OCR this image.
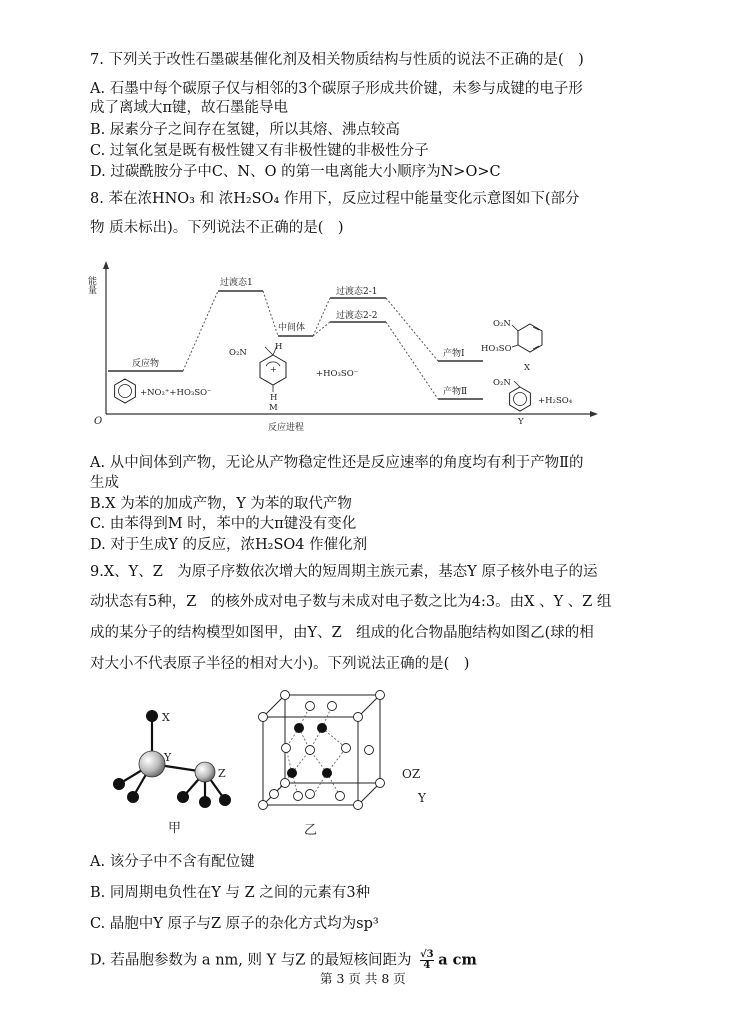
7. 下列关于改性石墨碳基催化剂及相关物质结构与性质的说法不正确的是(　)
A. 石墨中每个碳原子仅与相邻的3个碳原子形成共价键，未参与成键的电子形
成了离域大π键，故石墨能导电
B. 尿素分子之间存在氢键，所以其熔、沸点较高
C. 过氧化氢是既有极性键又有非极性键的非极性分子
D. 过碳酰胺分子中C、N、O 的第一电离能大小顺序为N>O>C
8. 苯在浓HNO₃ 和 浓H₂SO₄ 作用下，反应过程中能量变化示意图如下(部分
物 质未标出)。下列说法不正确的是(　)
能量
O
反应进程
反应物
过渡态1
中间体
过渡态2-1
过渡态2-2
产物Ⅰ
产物Ⅱ
+NO₂⁺+HO₃SO⁻
O₂N
H
+
H
M
+HO₃SO⁻
O₂N
HO₃SO
X
O₂N
+H₂SO₄
Y
A. 从中间体到产物，无论从产物稳定性还是反应速率的角度均有利于产物Ⅱ的
生成
B.X 为苯的加成产物，Y 为苯的取代产物
C. 由苯得到M 时，苯中的大π键没有变化
D. 对于生成Y 的反应，浓H₂SO4 作催化剂
9.X、Y、Z　为原子序数依次增大的短周期主族元素，基态Y 原子核外电子的运
动状态有5种，Z　的核外成对电子数与未成对电子数之比为4:3。由X 、Y 、Z 组
成的某分子的结构模型如图甲，由Y、Z　组成的化合物晶胞结构如图乙(球的相
对大小不代表原子半径的相对大小)。下列说法正确的是(　)
X
Y
Z
甲	乙
OZ
Y
A. 该分子中不含有配位键
B. 同周期电负性在Y 与 Z 之间的元素有3种
C. 晶胞中Y 原子与Z 原子的杂化方式均为sp³
D. 若晶胞参数为 a nm, 则 Y 与Z 的最短核间距为 $\frac{√3}{4}$ a cm
第 3 页 共 8 页
